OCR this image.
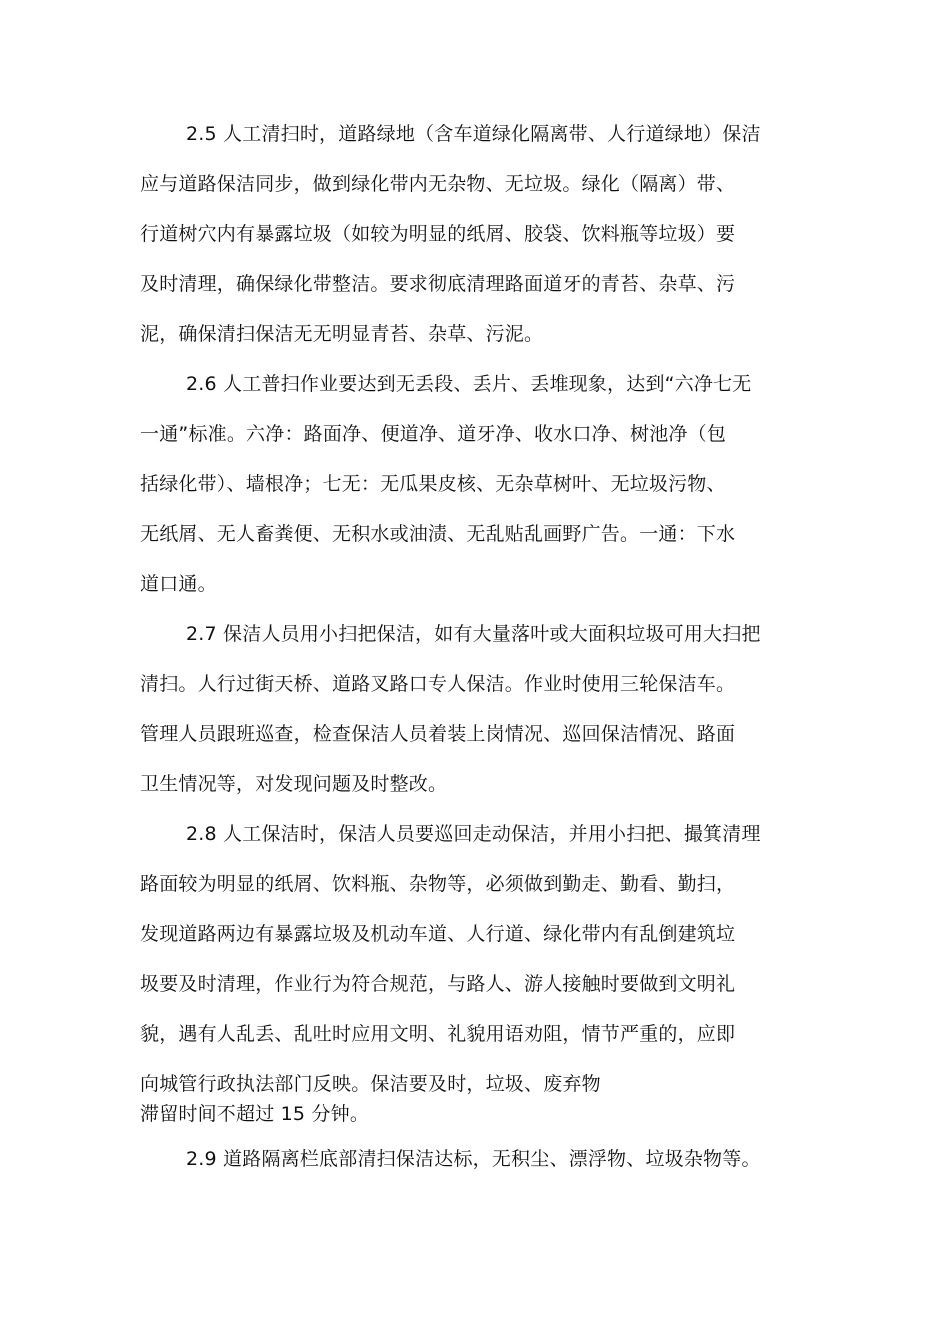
2.5 人工清扫时，道路绿地（含车道绿化隔离带、人行道绿地）保洁
应与道路保洁同步，做到绿化带内无杂物、无垃圾。绿化（隔离）带、
行道树穴内有暴露垃圾（如较为明显的纸屑、胶袋、饮料瓶等垃圾）要
及时清理，确保绿化带整洁。要求彻底清理路面道牙的青苔、杂草、污
泥，确保清扫保洁无无明显青苔、杂草、污泥。
2.6 人工普扫作业要达到无丢段、丢片、丢堆现象，达到“六净七无
一通”标准。六净：路面净、便道净、道牙净、收水口净、树池净（包
括绿化带）、墙根净；七无：无瓜果皮核、无杂草树叶、无垃圾污物、
无纸屑、无人畜粪便、无积水或油渍、无乱贴乱画野广告。一通：下水
道口通。
2.7 保洁人员用小扫把保洁，如有大量落叶或大面积垃圾可用大扫把
清扫。人行过街天桥、道路叉路口专人保洁。作业时使用三轮保洁车。
管理人员跟班巡查，检查保洁人员着装上岗情况、巡回保洁情况、路面
卫生情况等，对发现问题及时整改。
2.8 人工保洁时，保洁人员要巡回走动保洁，并用小扫把、撮箕清理
路面较为明显的纸屑、饮料瓶、杂物等，必须做到勤走、勤看、勤扫，
发现道路两边有暴露垃圾及机动车道、人行道、绿化带内有乱倒建筑垃
圾要及时清理，作业行为符合规范，与路人、游人接触时要做到文明礼
貌，遇有人乱丢、乱吐时应用文明、礼貌用语劝阻，情节严重的，应即
向城管行政执法部门反映。保洁要及时，垃圾、废弃物
滞留时间不超过 15 分钟。
2.9 道路隔离栏底部清扫保洁达标，无积尘、漂浮物、垃圾杂物等。
